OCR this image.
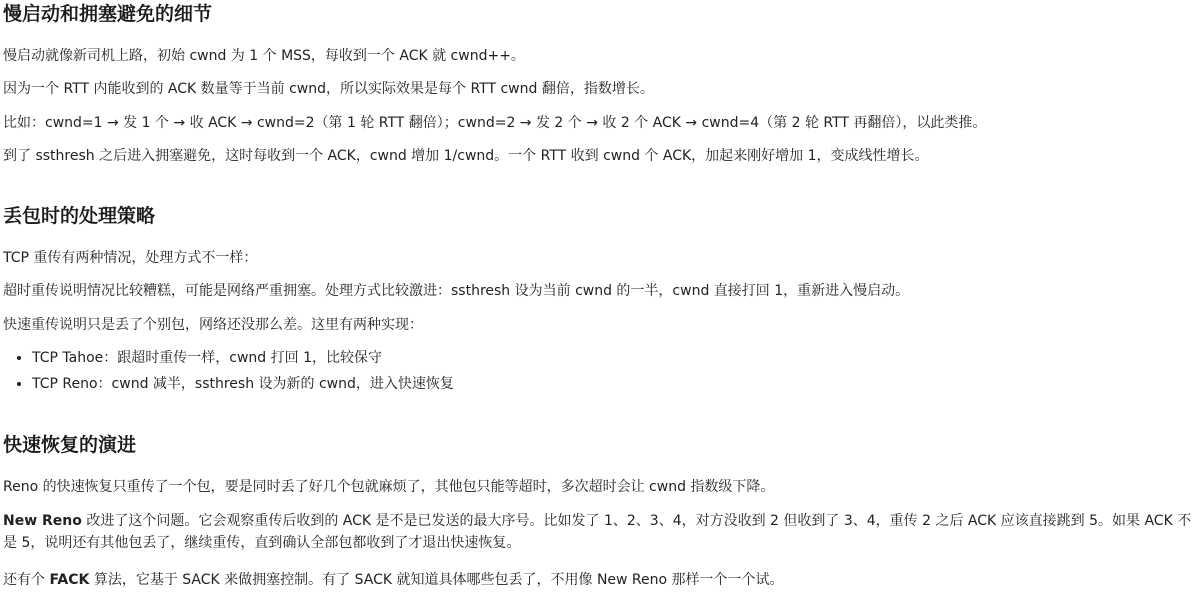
慢启动和拥塞避免的细节

慢启动就像新司机上路，初始 cwnd 为 1 个 MSS，每收到一个 ACK 就 cwnd++。

因为一个 RTT 内能收到的 ACK 数量等于当前 cwnd，所以实际效果是每个 RTT cwnd 翻倍，指数增长。

比如：cwnd=1 → 发 1 个 → 收 ACK → cwnd=2（第 1 轮 RTT 翻倍）；cwnd=2 → 发 2 个 → 收 2 个 ACK → cwnd=4（第 2 轮 RTT 再翻倍），以此类推。

到了 ssthresh 之后进入拥塞避免，这时每收到一个 ACK，cwnd 增加 1/cwnd。一个 RTT 收到 cwnd 个 ACK，加起来刚好增加 1，变成线性增长。

丢包时的处理策略

TCP 重传有两种情况，处理方式不一样：

超时重传说明情况比较糟糕，可能是网络严重拥塞。处理方式比较激进：ssthresh 设为当前 cwnd 的一半，cwnd 直接打回 1，重新进入慢启动。

快速重传说明只是丢了个别包，网络还没那么差。这里有两种实现：

• TCP Tahoe：跟超时重传一样，cwnd 打回 1，比较保守
• TCP Reno：cwnd 减半，ssthresh 设为新的 cwnd，进入快速恢复
快速恢复的演进

Reno 的快速恢复只重传了一个包，要是同时丢了好几个包就麻烦了，其他包只能等超时，多次超时会让 cwnd 指数级下降。

New Reno 改进了这个问题。它会观察重传后收到的 ACK 是不是已发送的最大序号。比如发了 1、2、3、4，对方没收到 2 但收到了 3、4，重传 2 之后 ACK 应该直接跳到 5。如果 ACK 不是 5，说明还有其他包丢了，继续重传，直到确认全部包都收到了才退出快速恢复。

还有个 FACK 算法，它基于 SACK 来做拥塞控制。有了 SACK 就知道具体哪些包丢了，不用像 New Reno 那样一个一个试。
